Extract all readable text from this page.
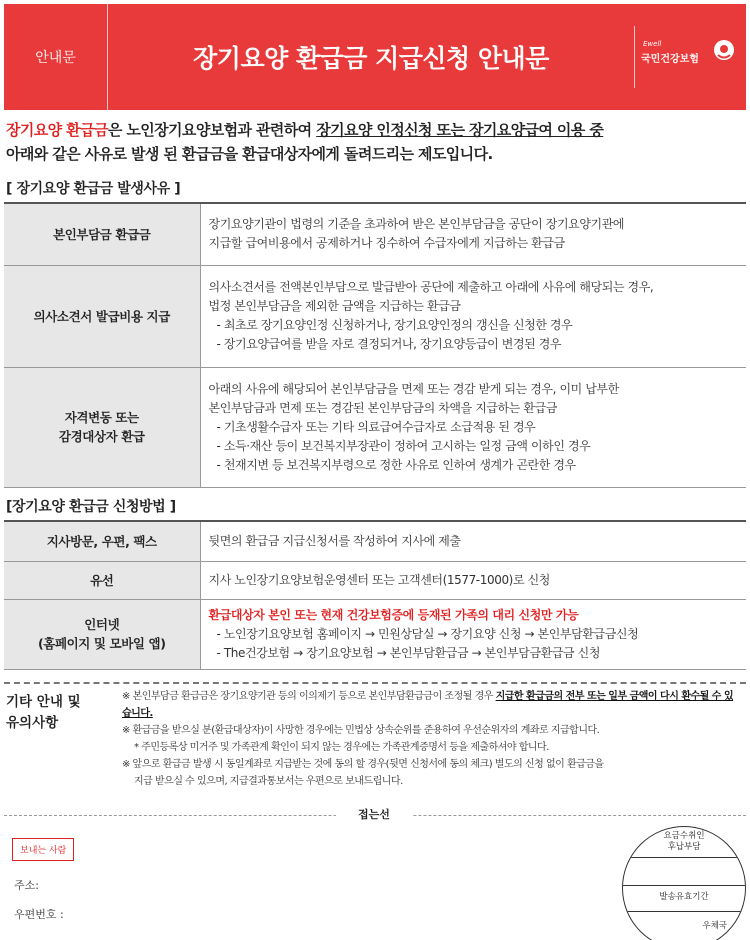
안내문	장기요양 환급금 지급신청 안내문	Ewell
국민건강보험
장기요양 환급금은 노인장기요양보험과 관련하여 장기요양 인정신청 또는 장기요양급여 이용 중
아래와 같은 사유로 발생 된 환급금을 환급대상자에게 돌려드리는 제도입니다.
[ 장기요양 환급금 발생사유 ]
본인부담금 환급금	장기요양기관이 법령의 기준을 초과하여 받은 본인부담금을 공단이 장기요양기관에
지급할 급여비용에서 공제하거나 징수하여 수급자에게 지급하는 환급금

의사소견서 발급비용 지급	의사소견서를 전액본인부담으로 발급받아 공단에 제출하고 아래에 사유에 해당되는 경우,
법정 본인부담금을 제외한 금액을 지급하는 환급금
- 최초로 장기요양인정 신청하거나, 장기요양인정의 갱신을 신청한 경우
- 장기요양급여를 받을 자로 결정되거나, 장기요양등급이 변경된 경우

자격변동 또는
감경대상자 환급	아래의 사유에 해당되어 본인부담금을 면제 또는 경감 받게 되는 경우, 이미 납부한
본인부담금과 면제 또는 경감된 본인부담금의 차액을 지급하는 환급금
- 기초생활수급자 또는 기타 의료급여수급자로 소급적용 된 경우
- 소득·재산 등이 보건복지부장관이 정하여 고시하는 일정 금액 이하인 경우
- 천재지변 등 보건복지부령으로 정한 사유로 인하여 생계가 곤란한 경우
[장기요양 환급금 신청방법 ]
지사방문, 우편, 팩스	뒷면의 환급금 지급신청서를 작성하여 지사에 제출
유선	지사 노인장기요양보험운영센터 또는 고객센터(1577-1000)로 신청

인터넷
(홈페이지 및 모바일 앱)	환급대상자 본인 또는 현재 건강보험증에 등재된 가족의 대리 신청만 가능
- 노인장기요양보험 홈페이지 → 민원상담실 → 장기요양 신청 → 본인부담환급금신청
- The건강보험 → 장기요양보험 → 본인부담환급금 → 본인부담금환급금 신청
기타 안내 및
유의사항
※ 본인부담금 환급금은 장기요양기관 등의 이의제기 등으로 본인부담환급금이 조정될 경우 지급한 환급금의 전부 또는 일부 금액이 다시 환수될 수 있습니다.
※ 환급금을 받으실 분(환급대상자)이 사망한 경우에는 민법상 상속순위를 준용하여 우선순위자의 계좌로 지급합니다.
* 주민등록상 미거주 및 가족관계 확인이 되지 않는 경우에는 가족관계증명서 등을 제출하셔야 합니다.
※ 앞으로 환급금 발생 시 동일계좌로 지급받는 것에 동의 할 경우(뒷면 신청서에 동의 체크) 별도의 신청 없이 환급금을
지급 받으실 수 있으며, 지급결과통보서는 우편으로 보내드립니다.
접는선
보내는 사람
주소:
우편번호 :
요금수취인
후납부담
발송유효기간
우체국
